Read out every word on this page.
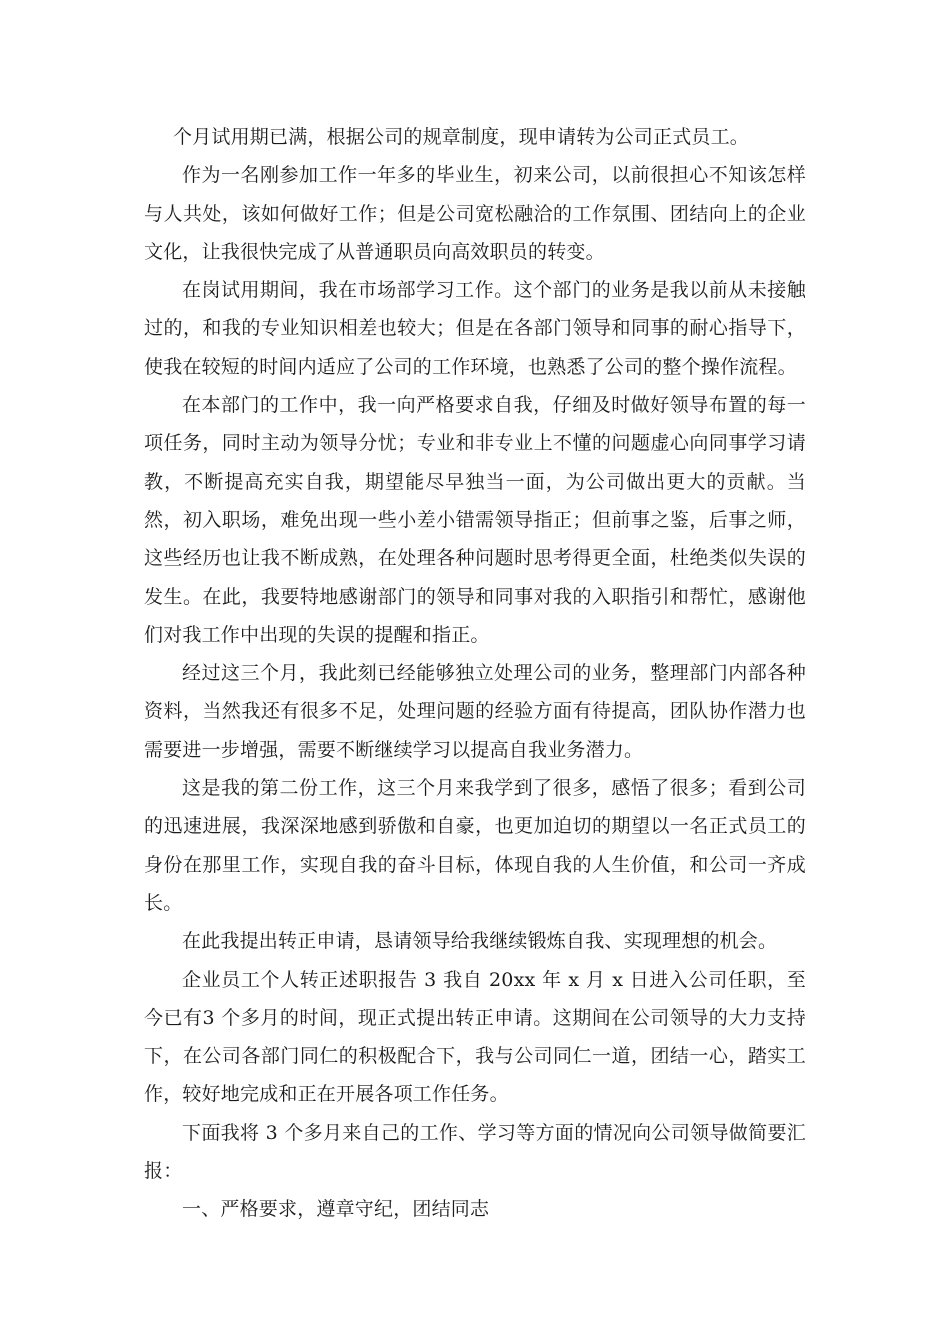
个月试用期已满，根据公司的规章制度，现申请转为公司正式员工。

作为一名刚参加工作一年多的毕业生，初来公司，以前很担心不知该怎样与人共处，该如何做好工作；但是公司宽松融洽的工作氛围、团结向上的企业文化，让我很快完成了从普通职员向高效职员的转变。

在岗试用期间，我在市场部学习工作。这个部门的业务是我以前从未接触过的，和我的专业知识相差也较大；但是在各部门领导和同事的耐心指导下，使我在较短的时间内适应了公司的工作环境，也熟悉了公司的整个操作流程。

在本部门的工作中，我一向严格要求自我，仔细及时做好领导布置的每一项任务，同时主动为领导分忧；专业和非专业上不懂的问题虚心向同事学习请教，不断提高充实自我，期望能尽早独当一面，为公司做出更大的贡献。当然，初入职场，难免出现一些小差小错需领导指正；但前事之鉴，后事之师，这些经历也让我不断成熟，在处理各种问题时思考得更全面，杜绝类似失误的发生。在此，我要特地感谢部门的领导和同事对我的入职指引和帮忙，感谢他们对我工作中出现的失误的提醒和指正。

经过这三个月，我此刻已经能够独立处理公司的业务，整理部门内部各种资料，当然我还有很多不足，处理问题的经验方面有待提高，团队协作潜力也需要进一步增强，需要不断继续学习以提高自我业务潜力。

这是我的第二份工作，这三个月来我学到了很多，感悟了很多；看到公司的迅速进展，我深深地感到骄傲和自豪，也更加迫切的期望以一名正式员工的身份在那里工作，实现自我的奋斗目标，体现自我的人生价值，和公司一齐成长。

在此我提出转正申请，恳请领导给我继续锻炼自我、实现理想的机会。

企业员工个人转正述职报告 3 我自 20xx 年 x 月 x 日进入公司任职，至今已有3 个多月的时间，现正式提出转正申请。这期间在公司领导的大力支持下，在公司各部门同仁的积极配合下，我与公司同仁一道，团结一心，踏实工作，较好地完成和正在开展各项工作任务。

下面我将 3 个多月来自己的工作、学习等方面的情况向公司领导做简要汇报：

一、严格要求，遵章守纪，团结同志
